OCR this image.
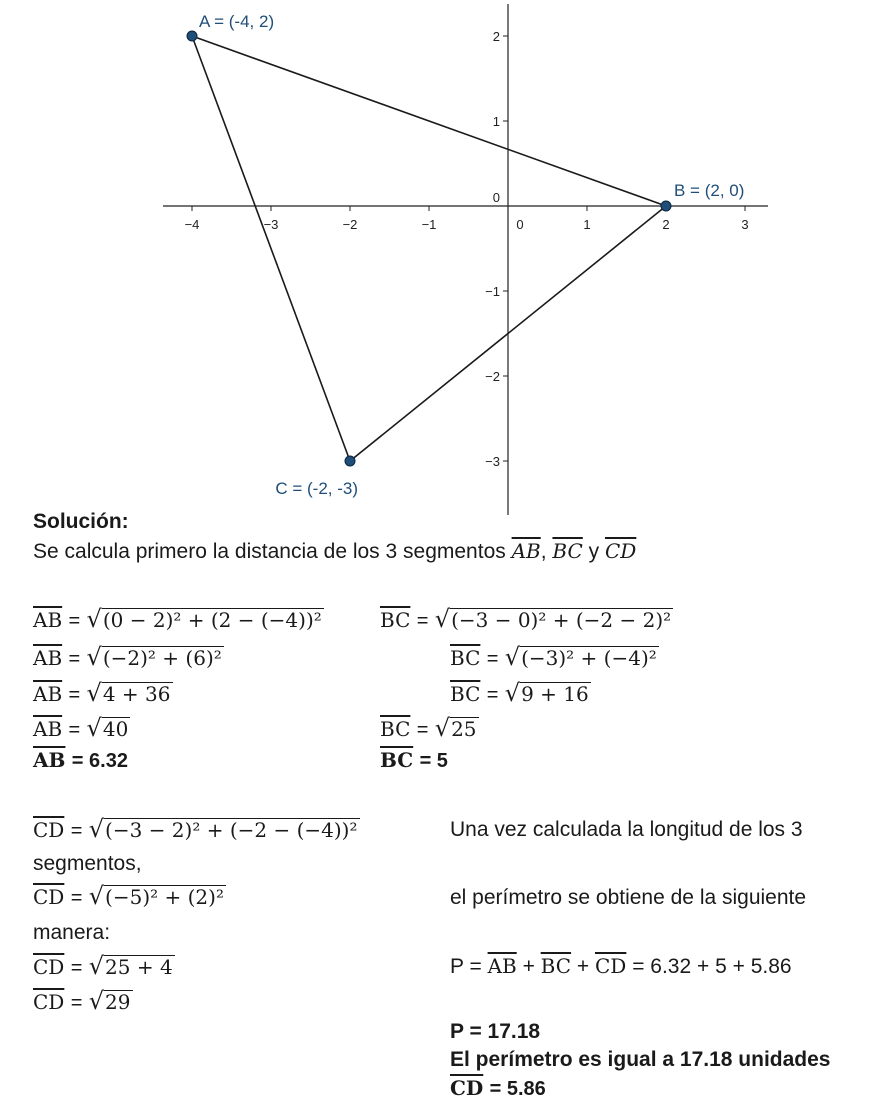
−4	−3	−2	−1	0	1	2	3
2
1
0
−1
−2
−3
A = (-4, 2)
B = (2, 0)
C = (-2, -3)
Solución:
Se calcula primero la distancia de los 3 segmentos $\overline{AB}$, $\overline{BC}$ y $\overline{CD}$
$\overline{AB} = √(0 - 2)^2 + (2 - (-4))^2$
$\overline{AB} = √(-2)^2 + (6)^2$
$\overline{AB} = √4 + 36$
$\overline{AB} = √40$
$\overline{AB} = 6.32$
$\overline{BC} = √(-3 - 0)^2 + (-2 - 2)^2$
$\overline{BC} = √(-3)^2 + (-4)^2$
$\overline{BC} = √9 + 16$
$\overline{BC} = √25$
$\overline{BC} = 5$
$\overline{CD} = √(-3 - 2)^2 + (-2 - (-4))^2$
segmentos,
$\overline{CD} = √(-5)^2 + (2)^2$
manera:
$\overline{CD} = √25 + 4$
$\overline{CD} = √29$
Una vez calculada la longitud de los 3
el perímetro se obtiene de la siguiente
$P = \overline{AB} + \overline{BC} + \overline{CD} = 6.32 + 5 + 5.86$
P = 17.18
El perímetro es igual a 17.18 unidades
$\overline{CD} = 5.86$
